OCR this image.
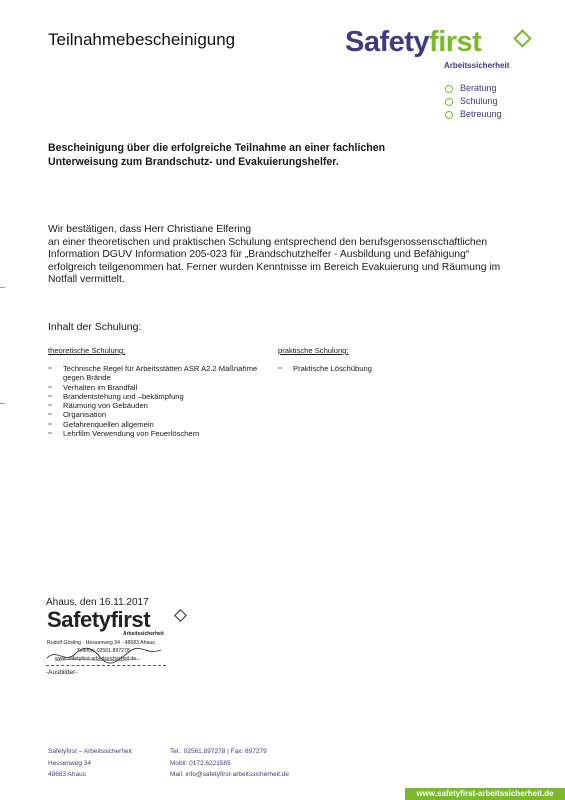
Teilnahmebescheinigung	Safetyfirst
Arbeitssicherheit
Beratung
Schulung
Betreuung
Bescheinigung über die erfolgreiche Teilnahme an einer fachlichen
Unterweisung zum Brandschutz- und Evakuierungshelfer.

Wir bestätigen, dass Herr Christiane Elfering

an einer theoretischen und praktischen Schulung entsprechend den berufsgenossenschaftlichen Information DGUV Information 205-023 für „Brandschutzhelfer - Ausbildung und Befähigung“ erfolgreich teilgenommen hat. Ferner wurden Kenntnisse im Bereich Evakuierung und Räumung im Notfall vermittelt.

Inhalt der Schulung:
theoretische Schulung:	praktische Schulung:
Technische Regel für Arbeitsstätten ASR A2.2 Maßnahme gegen Brände
Verhalten im Brandfall
Brandentstehung und –bekämpfung
Räumung von Gebäuden
Organisation
Gefahrenquellen allgemein
Lehrfilm Verwendung von Feuerlöschern
Praktische Löschübung
Ahaus, den 16.11.2017
Safetyfirst
Arbeitssicherheit
Rudolf Gösling · Hessenweg 34 · 48683 Ahaus
Telefon: 02561.897278
www.safetyfirst-arbeitssicherheit.de
-Ausbilder-
Safetyfirst – Arbeitssicherheit
Hessenweg 34
48683 Ahaus
Tel.: 02561.897278 | Fax: 897279
Mobil: 0172.6221565
Mail: info@safetyfirst-arbeitssicherheit.de
www.safetyfirst-arbeitssicherheit.de
